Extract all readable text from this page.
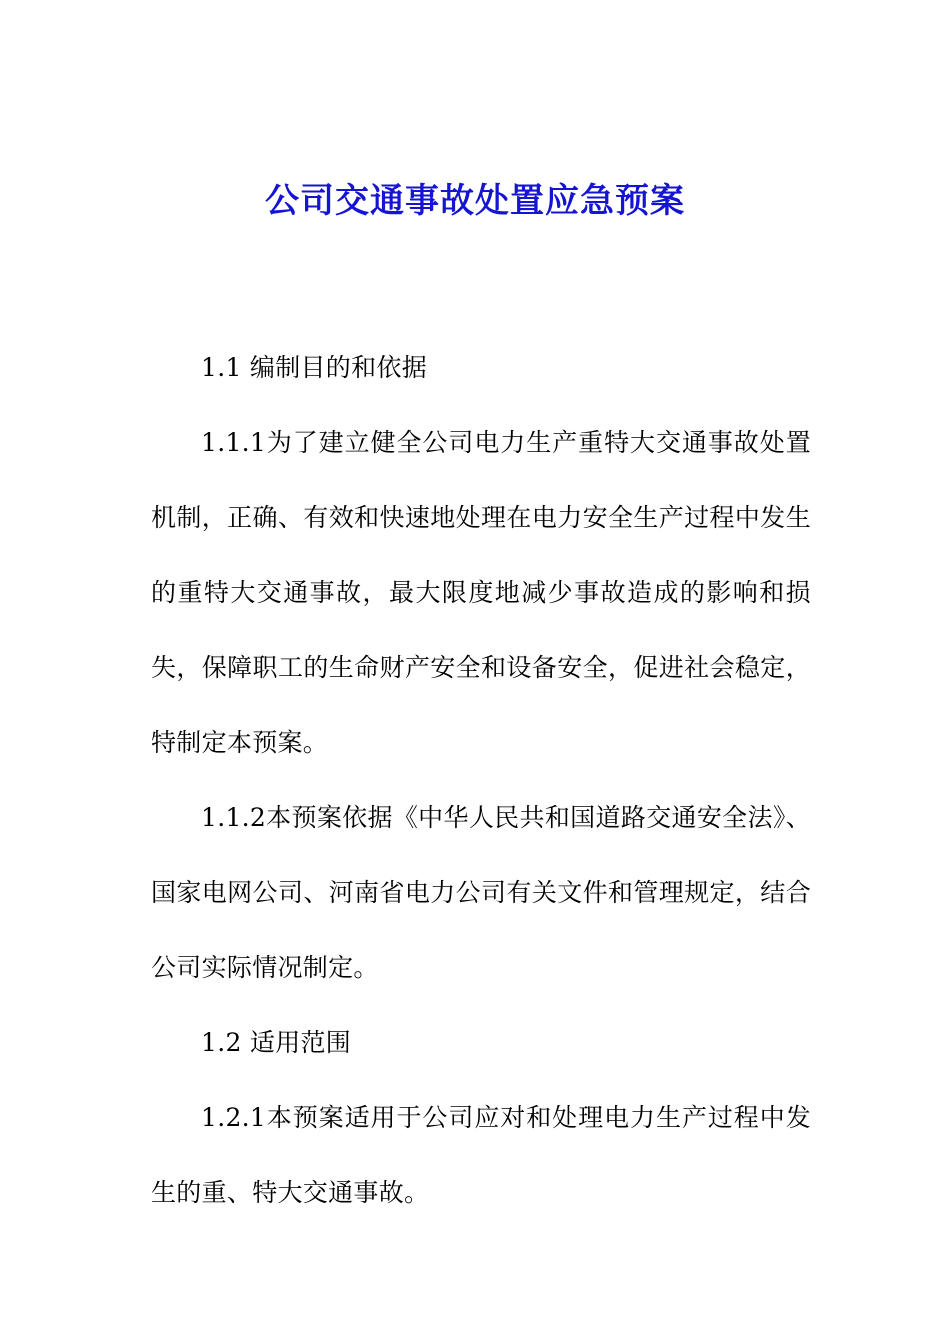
公司交通事故处置应急预案

1.1 编制目的和依据

1.1.1为了建立健全公司电力生产重特大交通事故处置机制，正确、有效和快速地处理在电力安全生产过程中发生的重特大交通事故，最大限度地减少事故造成的影响和损失，保障职工的生命财产安全和设备安全，促进社会稳定，特制定本预案。

1.1.2本预案依据《中华人民共和国道路交通安全法》、国家电网公司、河南省电力公司有关文件和管理规定，结合公司实际情况制定。

1.2 适用范围

1.2.1本预案适用于公司应对和处理电力生产过程中发生的重、特大交通事故。
